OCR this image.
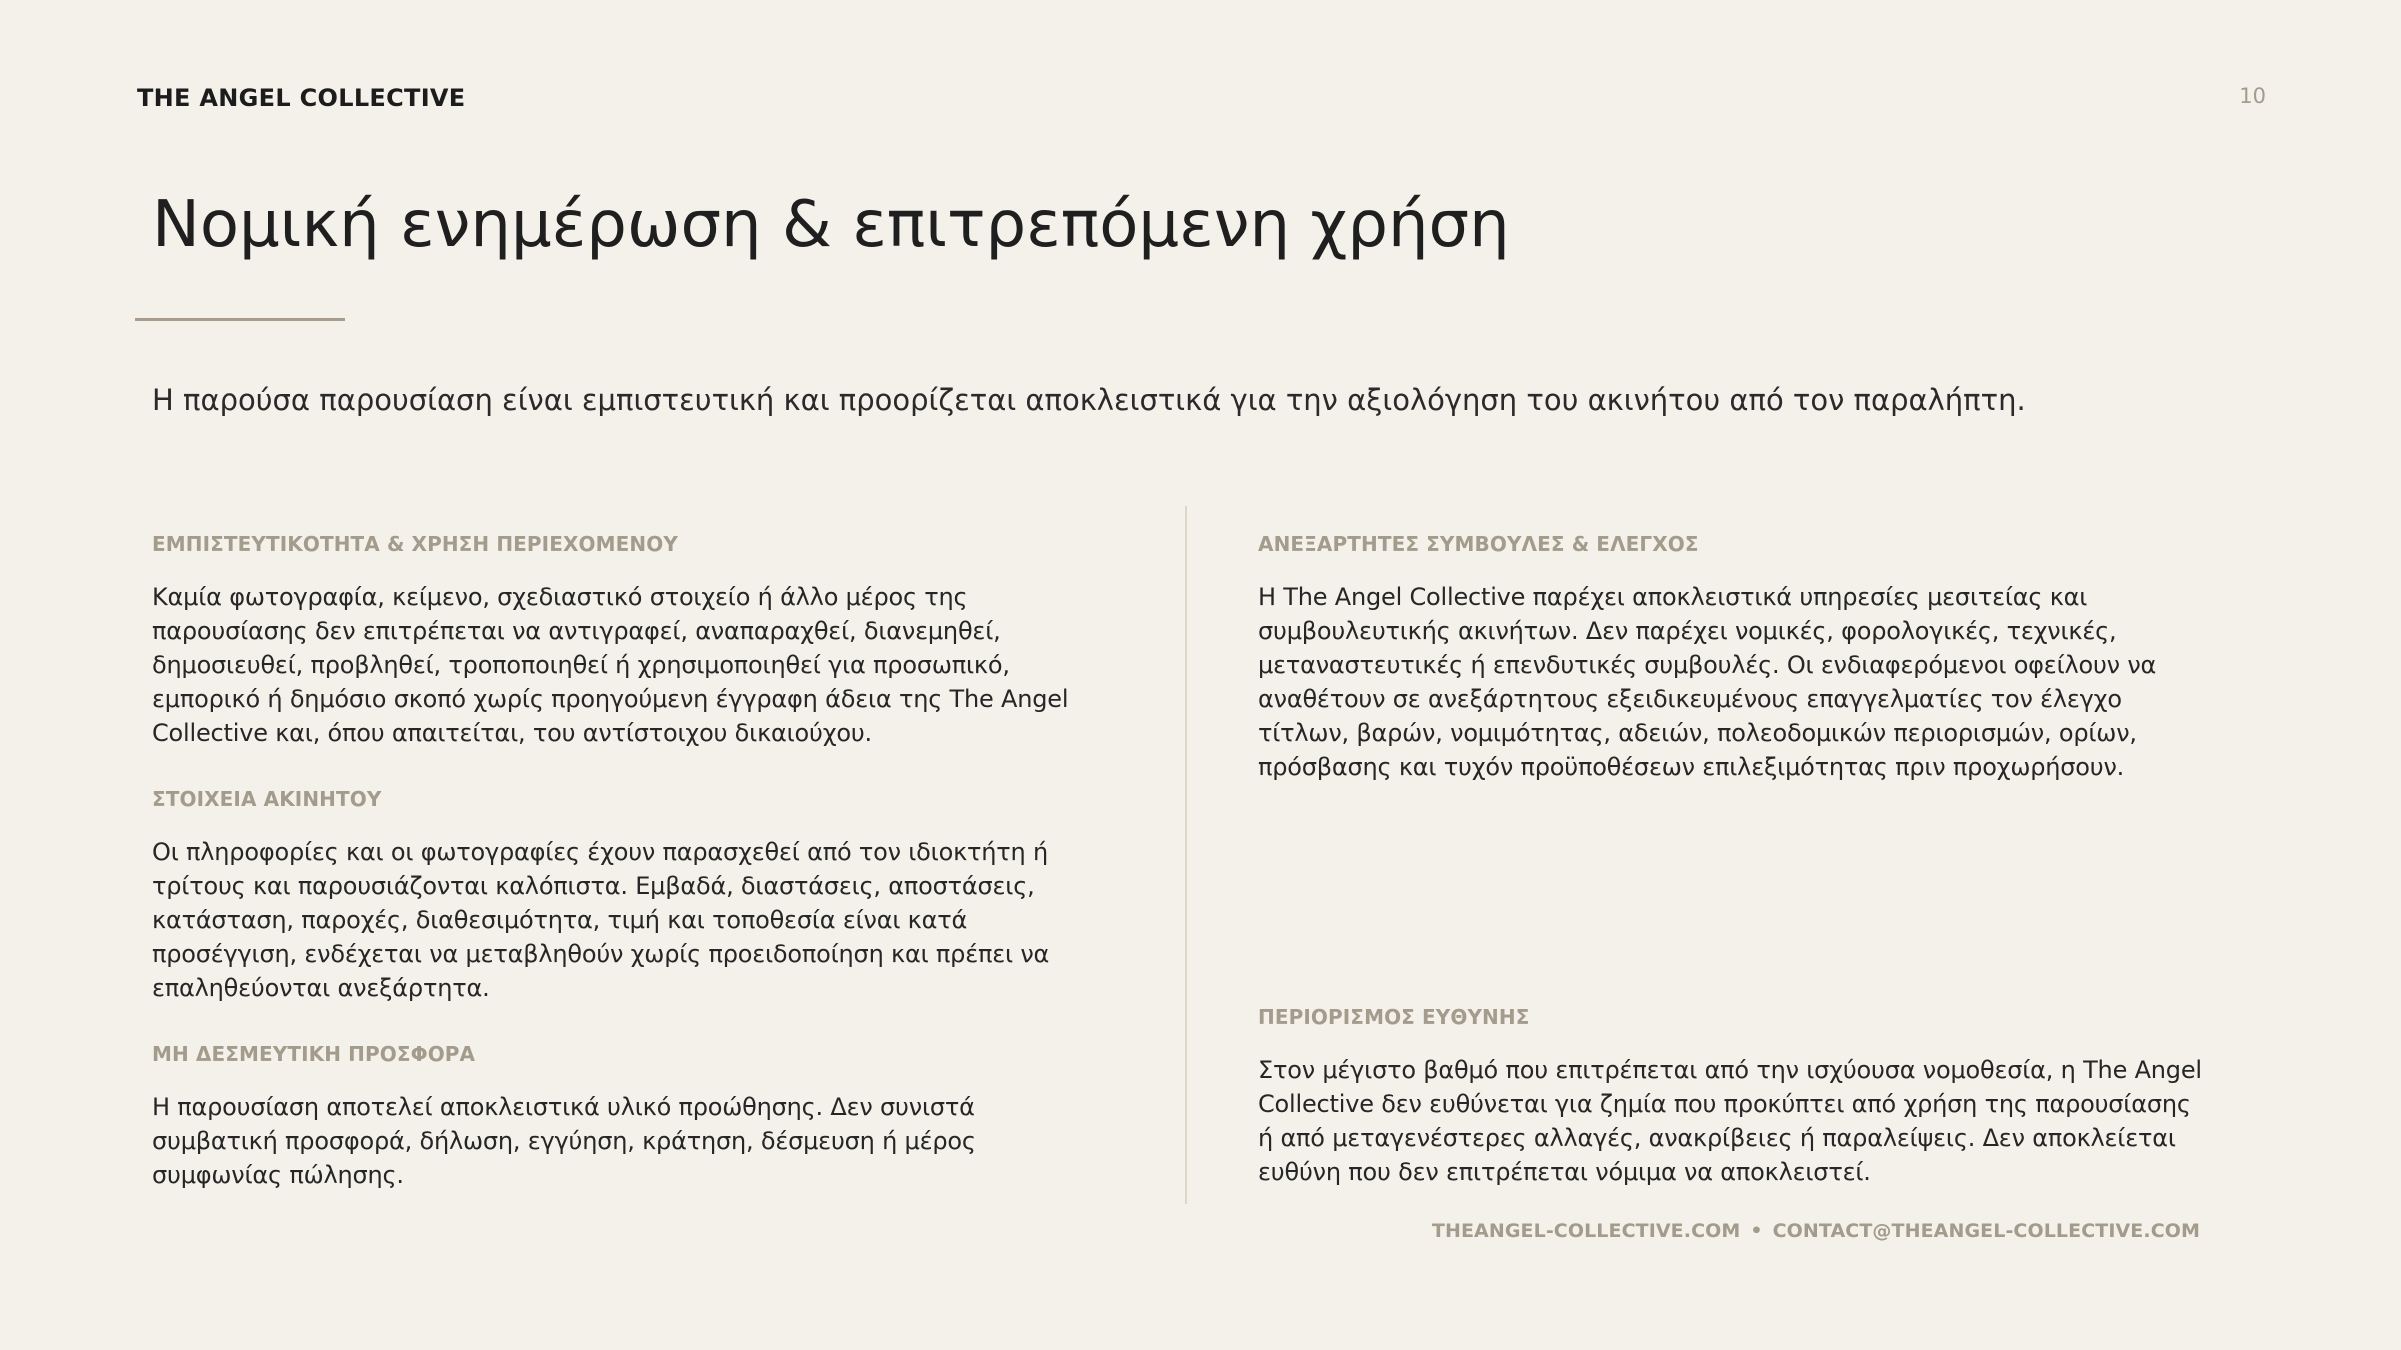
THE ANGEL COLLECTIVE	10
Νομική ενημέρωση & επιτρεπόμενη χρήση
Η παρούσα παρουσίαση είναι εμπιστευτική και προορίζεται αποκλειστικά για την αξιολόγηση του ακινήτου από τον παραλήπτη.
ΕΜΠΙΣΤΕΥΤΙΚΟΤΗΤΑ & ΧΡΗΣΗ ΠΕΡΙΕΧΟΜΕΝΟΥ

Καμία φωτογραφία, κείμενο, σχεδιαστικό στοιχείο ή άλλο μέρος της παρουσίασης δεν επιτρέπεται να αντιγραφεί, αναπαραχθεί, διανεμηθεί, δημοσιευθεί, προβληθεί, τροποποιηθεί ή χρησιμοποιηθεί για προσωπικό, εμπορικό ή δημόσιο σκοπό χωρίς προηγούμενη έγγραφη άδεια της The Angel Collective και, όπου απαιτείται, του αντίστοιχου δικαιούχου.

ΣΤΟΙΧΕΙΑ ΑΚΙΝΗΤΟΥ

Οι πληροφορίες και οι φωτογραφίες έχουν παρασχεθεί από τον ιδιοκτήτη ή τρίτους και παρουσιάζονται καλόπιστα. Εμβαδά, διαστάσεις, αποστάσεις, κατάσταση, παροχές, διαθεσιμότητα, τιμή και τοποθεσία είναι κατά προσέγγιση, ενδέχεται να μεταβληθούν χωρίς προειδοποίηση και πρέπει να επαληθεύονται ανεξάρτητα.

ΜΗ ΔΕΣΜΕΥΤΙΚΗ ΠΡΟΣΦΟΡΑ

Η παρουσίαση αποτελεί αποκλειστικά υλικό προώθησης. Δεν συνιστά συμβατική προσφορά, δήλωση, εγγύηση, κράτηση, δέσμευση ή μέρος συμφωνίας πώλησης.

ΑΝΕΞΑΡΤΗΤΕΣ ΣΥΜΒΟΥΛΕΣ & ΕΛΕΓΧΟΣ

Η The Angel Collective παρέχει αποκλειστικά υπηρεσίες μεσιτείας και συμβουλευτικής ακινήτων. Δεν παρέχει νομικές, φορολογικές, τεχνικές, μεταναστευτικές ή επενδυτικές συμβουλές. Οι ενδιαφερόμενοι οφείλουν να αναθέτουν σε ανεξάρτητους εξειδικευμένους επαγγελματίες τον έλεγχο τίτλων, βαρών, νομιμότητας, αδειών, πολεοδομικών περιορισμών, ορίων, πρόσβασης και τυχόν προϋποθέσεων επιλεξιμότητας πριν προχωρήσουν.

ΠΕΡΙΟΡΙΣΜΟΣ ΕΥΘΥΝΗΣ

Στον μέγιστο βαθμό που επιτρέπεται από την ισχύουσα νομοθεσία, η The Angel Collective δεν ευθύνεται για ζημία που προκύπτει από χρήση της παρουσίασης ή από μεταγενέστερες αλλαγές, ανακρίβειες ή παραλείψεις. Δεν αποκλείεται ευθύνη που δεν επιτρέπεται νόμιμα να αποκλειστεί.

THEANGEL-COLLECTIVE.COM • CONTACT@THEANGEL-COLLECTIVE.COM
